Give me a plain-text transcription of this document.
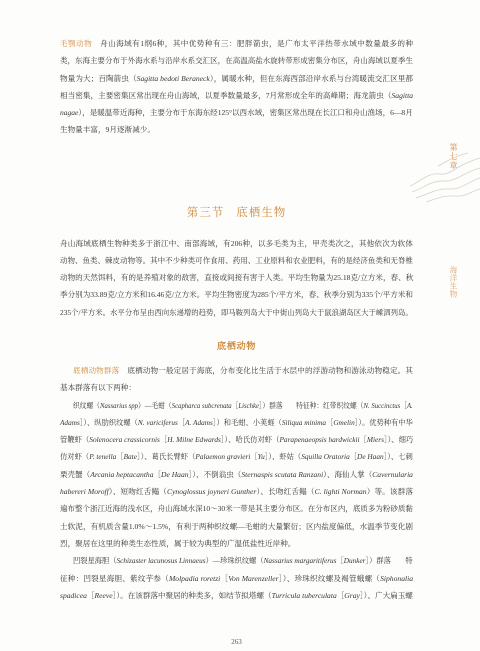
毛颚动物 舟山海域有1纲6种，其中优势种有三：肥胖箭虫，是广布太平洋热带水域中数量最多的种
类，东海主要分布于外海水系与沿岸水系交汇区，在高温高盐水旋转带形成密集分布区，舟山海域以夏季生
物量为大；百陶箭虫（Sagitta bedoti Beraneck），属暖水种，但在东海西部沿岸水系与台湾暖流交汇区里都
相当密集，主要密集区常出现在舟山海域，以夏季数量最多，7月常形成全年的高峰期；海龙箭虫（Sagitta
nagae），是暖温带近海种，主要分布于东海东经125°以西水域，密集区常出现在长江口和舟山渔场，6—8月
生物量丰富，9月逐渐减少。
第三节 底栖生物
舟山海域底栖生物种类多于浙江中、南部海域，有206种，以多毛类为主，甲壳类次之，其他依次为软体
动物、鱼类、棘皮动物等。其中不少种类可作食用、药用、工业原料和农业肥料，有的是经济鱼类和无脊椎
动物的天然饵料，有的是养殖对象的敌害，直接或间接有害于人类。平均生物量为25.18克/立方米，春、秋
季分别为33.89克/立方米和16.46克/立方米。平均生物密度为285个/平方米，春、秋季分别为335个/平方米和
235个/平方米。水平分布呈由西向东递增的趋势，即马鞍列岛大于中街山列岛大于鼠浪湖岛区大于嵊泗列岛。
底栖动物
底栖动物群落 底栖动物一般定居于海底，分布变化比生活于水层中的浮游动物和游泳动物稳定。其
基本群落有以下两种：
织纹螺（Nassarius spp）—毛蚶（Scapharca subcrenata［Lischke］）群落　　特征种：红带织纹螺（N. Succinctus［A.
Adams］）、纵肋织纹螺（N. variciferus［A. Adams］）和毛蚶、小荚蛏（Siliqua minima［Gmelin］）。优势种有中华
管鞭虾（Solenocera crassicornis［H. Milne Edwards］）、哈氏仿对虾（Parapenaeopsis hardwickii［Miers］）、细巧
仿对虾（P. tenella［Bate］）、葛氏长臂虾（Palaemon gravieri［Yu］）、虾姑（Squilla Oratoria［De Haan］）、七刺
栗壳蟹（Arcania heptacantha［De Haan］）、不倒翁虫（Sternaspis scutata Ranzani）、海仙人掌（Cavernularia
habereri Moroff）、短吻红舌鳎（Cynoglossus joyneri Gunther）、长吻红舌鳎（C. lighti Norman）等。该群落
遍布整个浙江近海的浅水区，舟山海域水深10～30米一带是其主要分布区。在分布区内，底质多为粉砂质黏
土软泥，有机质含量1.0%～1.5%，有利于两种织纹螺—毛蚶的大量繁衍；区内盐度偏低，水温季节变化剧
烈，聚居在这里的种类生态性质，属于较为典型的广温低盐性近岸种。
凹裂星海胆（Schizaster lacunosus Linnaeus）—珍珠织纹螺（Nassarius margaritiferus［Dunker］）群落　　特
征种：凹裂星海胆、紫纹芋参（Molpadia roretzi［Von Marenzeller］）、珍珠织纹螺及褐管蛾螺（Siphonalia
spadicea［Reeve］）。在该群落中聚居的种类多，如结节拟塔螺（Turricula tuberculata［Gray］）、广大扁玉螺
第七章
海洋生物
263
